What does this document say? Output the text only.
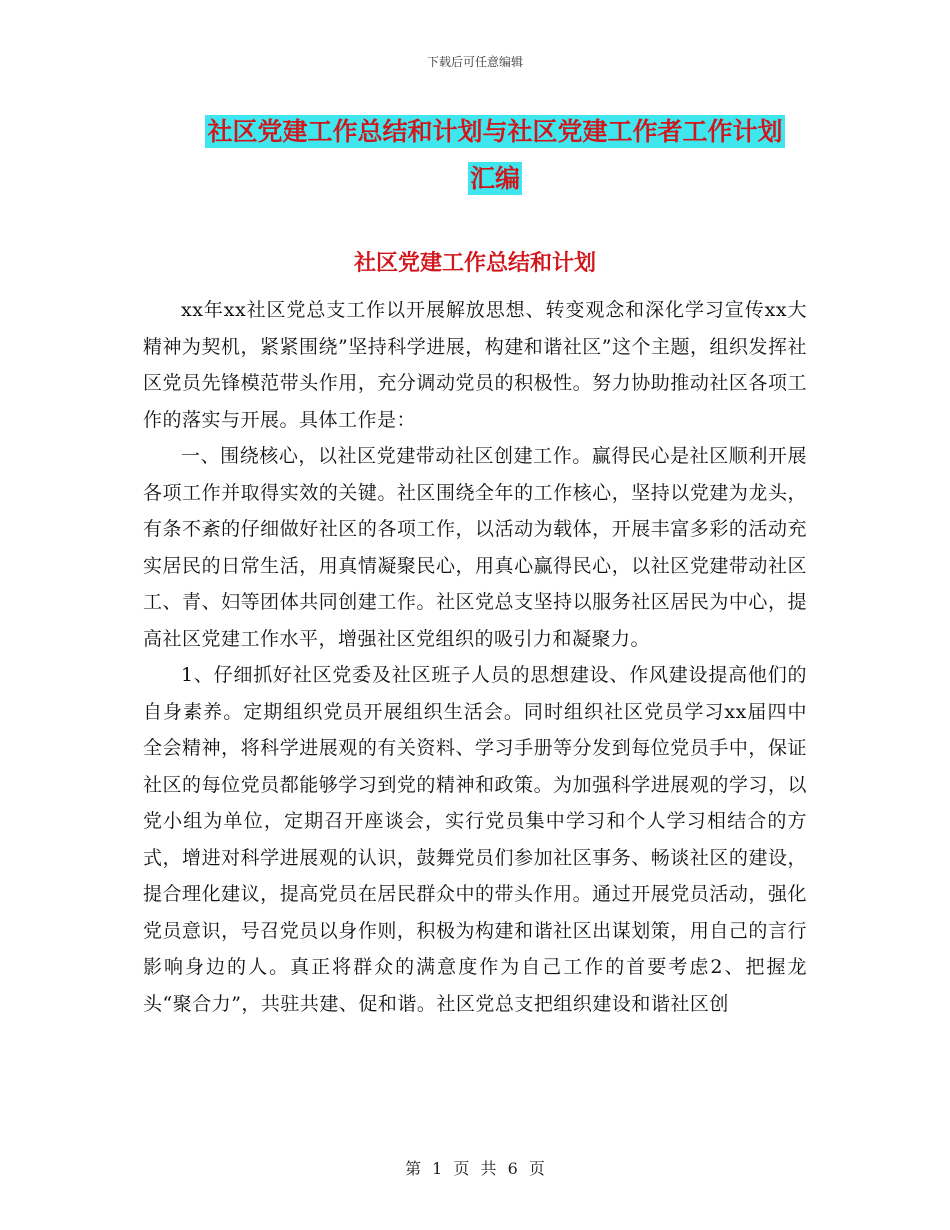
下载后可任意编辑
社区党建工作总结和计划与社区党建工作者工作计划
汇编
社区党建工作总结和计划

xx年xx社区党总支工作以开展解放思想、转变观念和深化学习宣传xx大精神为契机，紧紧围绕”坚持科学进展，构建和谐社区”这个主题，组织发挥社区党员先锋模范带头作用，充分调动党员的积极性。努力协助推动社区各项工作的落实与开展。具体工作是：

一、围绕核心，以社区党建带动社区创建工作。赢得民心是社区顺利开展各项工作并取得实效的关键。社区围绕全年的工作核心，坚持以党建为龙头，有条不紊的仔细做好社区的各项工作，以活动为载体，开展丰富多彩的活动充实居民的日常生活，用真情凝聚民心，用真心赢得民心，以社区党建带动社区工、青、妇等团体共同创建工作。社区党总支坚持以服务社区居民为中心，提高社区党建工作水平，增强社区党组织的吸引力和凝聚力。

1、仔细抓好社区党委及社区班子人员的思想建设、作风建设提高他们的自身素养。定期组织党员开展组织生活会。同时组织社区党员学习xx届四中全会精神，将科学进展观的有关资料、学习手册等分发到每位党员手中，保证社区的每位党员都能够学习到党的精神和政策。为加强科学进展观的学习，以党小组为单位，定期召开座谈会，实行党员集中学习和个人学习相结合的方式，增进对科学进展观的认识，鼓舞党员们参加社区事务、畅谈社区的建设，提合理化建议，提高党员在居民群众中的带头作用。通过开展党员活动，强化党员意识，号召党员以身作则，积极为构建和谐社区出谋划策，用自己的言行影响身边的人。真正将群众的满意度作为自己工作的首要考虑2、把握龙头“聚合力”，共驻共建、促和谐。社区党总支把组织建设和谐社区创

第 1 页 共 6 页
